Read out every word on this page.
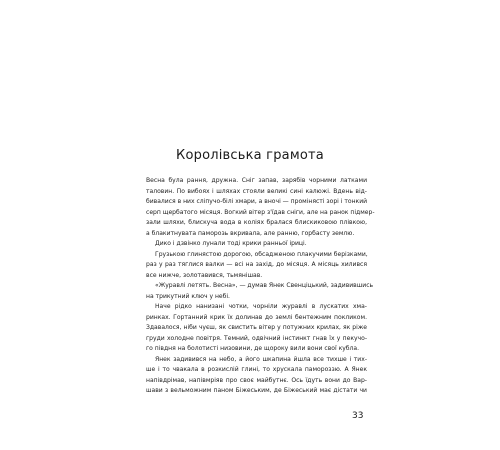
Королівська грамота
Весна була рання, дружна. Сніг запав, зарябів чорними латками
таловин. По вибоях і шляхах стояли великі сині калюжі. Вдень від-
бивалися в них сліпучо-білі хмари, а вночі — промінясті зорі і тонкий
серп щербатого місяця. Вогкий вітер з'їдав сніги, але на ранок підмер-
зали шляхи, блискуча вода в коліях бралася блискиковою плівкою,
а блакитнувата паморозь вкривала, але ранню, горбасту землю.
Дико і дзвінко лунали тоді крики ранньої іриці.
Грузькою глинястою дорогою, обсадженою плакучими берізками,
раз у раз тяглися валки — всі на захід, до місяця. А місяць хилився
все нижче, золотавився, тьмянішав.
«Журавлі летять. Весна», — думав Янек Свенціцький, задивившись
на трикутний ключ у небі.
Наче рідко нанизані чотки, чорніли журавлі в лускатих хма-
ринках. Гортанний крик їх долинав до землі бентежним покликом.
Здавалося, ніби чуєш, як свистить вітер у потужних крилах, як ріже
груди холодне повітря. Темний, одвічний інстинкт гнав їх у пекучо-
го півдня на болотисті низовини, де щороку вили вони свої кубла.
Янек задивився на небо, а його шкапина йшла все тихше і тих-
ше і то чвакала в розкислій глині, то хрускала памороззю. А Янек
напівдрімав, напівмріяв про своє майбутнє. Ось їдуть вони до Вар-
шави з вельможним паном Біжеським, де Біжеський має дістати чи
33
